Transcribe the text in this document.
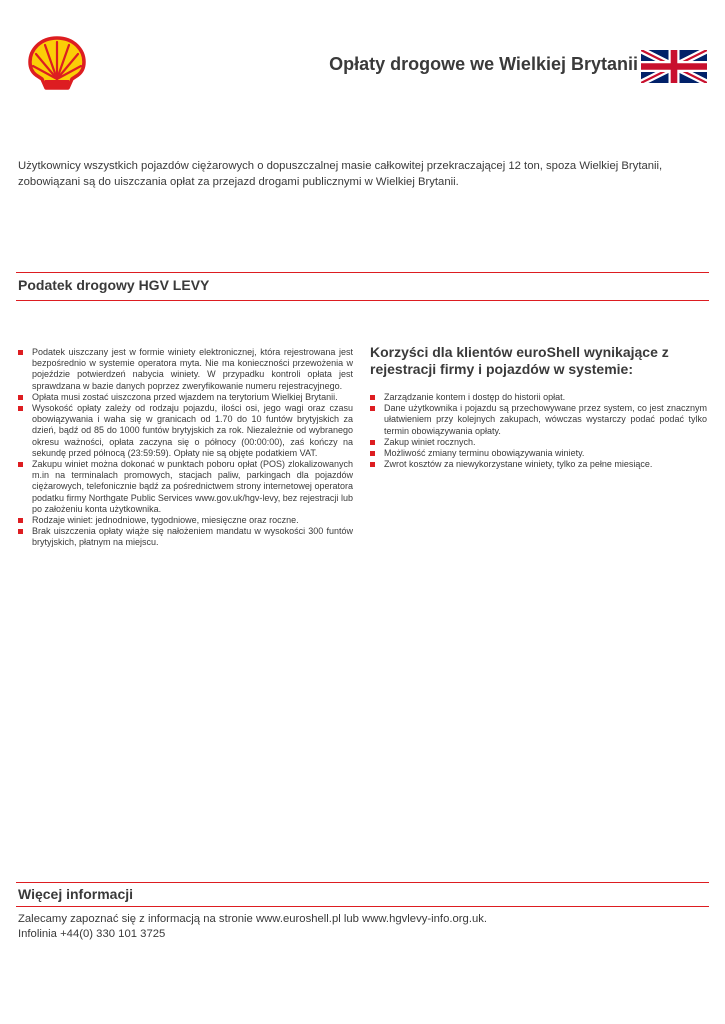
Opłaty drogowe we Wielkiej Brytanii

Użytkownicy wszystkich pojazdów ciężarowych o dopuszczalnej masie całkowitej przekraczającej 12 ton, spoza Wielkiej Brytanii,
zobowiązani są do uiszczania opłat za przejazd drogami publicznymi w Wielkiej Brytanii.

Podatek drogowy HGV LEVY
Podatek uiszczany jest w formie winiety elektronicznej, która rejestrowana jest bezpośrednio w systemie operatora myta. Nie ma konieczności przewożenia w pojeździe potwierdzeń nabycia winiety. W przypadku kontroli opłata jest sprawdzana w bazie danych poprzez zweryfikowanie numeru rejestracyjnego.
Opłata musi zostać uiszczona przed wjazdem na terytorium Wielkiej Brytanii.
Wysokość opłaty zależy od rodzaju pojazdu, ilości osi, jego wagi oraz czasu obowiązywania i waha się w granicach od 1.70 do 10 funtów brytyjskich za dzień, bądź od 85 do 1000 funtów brytyjskich za rok. Niezależnie od wybranego okresu ważności, opłata zaczyna się o północy (00:00:00), zaś kończy na sekundę przed północą (23:59:59). Opłaty nie są objęte podatkiem VAT.
Zakupu winiet można dokonać w punktach poboru opłat (POS) zlokalizowanych m.in na terminalach promowych, stacjach paliw, parkingach dla pojazdów ciężarowych, telefonicznie bądź za pośrednictwem strony internetowej operatora podatku firmy Northgate Public Services www.gov.uk/hgv-levy, bez rejestracji lub po założeniu konta użytkownika.
Rodzaje winiet: jednodniowe, tygodniowe, miesięczne oraz roczne.
Brak uiszczenia opłaty wiąże się nałożeniem mandatu w wysokości 300 funtów brytyjskich, płatnym na miejscu.
Korzyści dla klientów euroShell wynikające z rejestracji firmy i pojazdów w systemie:
Zarządzanie kontem i dostęp do historii opłat.
Dane użytkownika i pojazdu są przechowywane przez system, co jest znacznym ułatwieniem przy kolejnych zakupach, wówczas wystarczy podać podać tylko termin obowiązywania opłaty.
Zakup winiet rocznych.
Możliwość zmiany terminu obowiązywania winiety.
Zwrot kosztów za niewykorzystane winiety, tylko za pełne miesiące.
Więcej informacji

Zalecamy zapoznać się z informacją na stronie www.euroshell.pl lub www.hgvlevy-info.org.uk.
Infolinia +44(0) 330 101 3725
